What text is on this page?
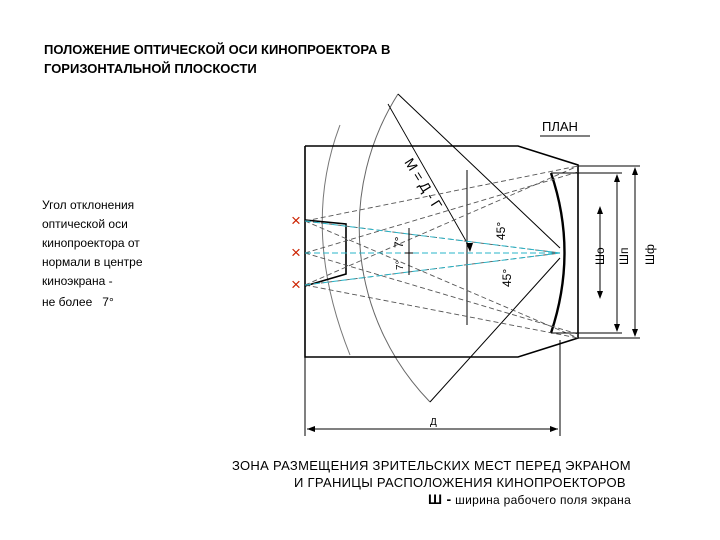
ПОЛОЖЕНИЕ ОПТИЧЕСКОЙ ОСИ КИНОПРОЕКТОРА В
ГОРИЗОНТАЛЬНОЙ ПЛОСКОСТИ
Угол отклонения
оптической оси
кинопроектора от
нормали в центре
киноэкрана -
не более 7°
ПЛАН
М = Д - Г
45°
45°
7°
7°
Шо Шп Шф
Д
×
×
×
ЗОНА РАЗМЕЩЕНИЯ ЗРИТЕЛЬСКИХ МЕСТ ПЕРЕД ЭКРАНОМ
И ГРАНИЦЫ РАСПОЛОЖЕНИЯ КИНОПРОЕКТОРОВ
Ш - ширина рабочего поля экрана
